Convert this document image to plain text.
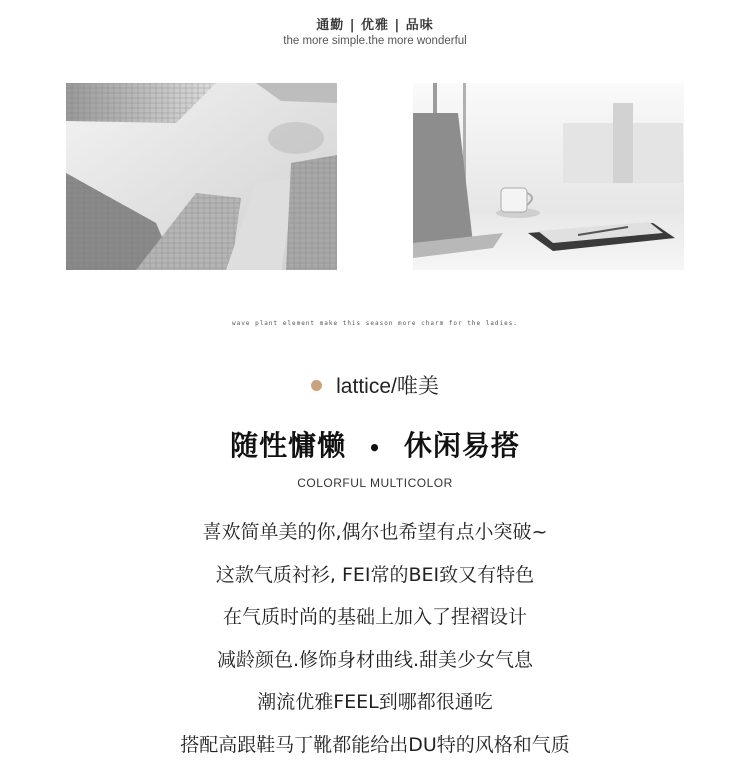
通勤 | 优雅 | 品味
the more simple.the more wonderful
wave plant element make this season more charm for the ladies.
lattice/唯美
随性慵懒 • 休闲易搭
COLORFUL MULTICOLOR
喜欢简单美的你,偶尔也希望有点小突破~
这款气质衬衫, FEI常的BEI致又有特色
在气质时尚的基础上加入了捏褶设计
减龄颜色.修饰身材曲线.甜美少女气息
潮流优雅FEEL到哪都很通吃
搭配高跟鞋马丁靴都能给出DU特的风格和气质
